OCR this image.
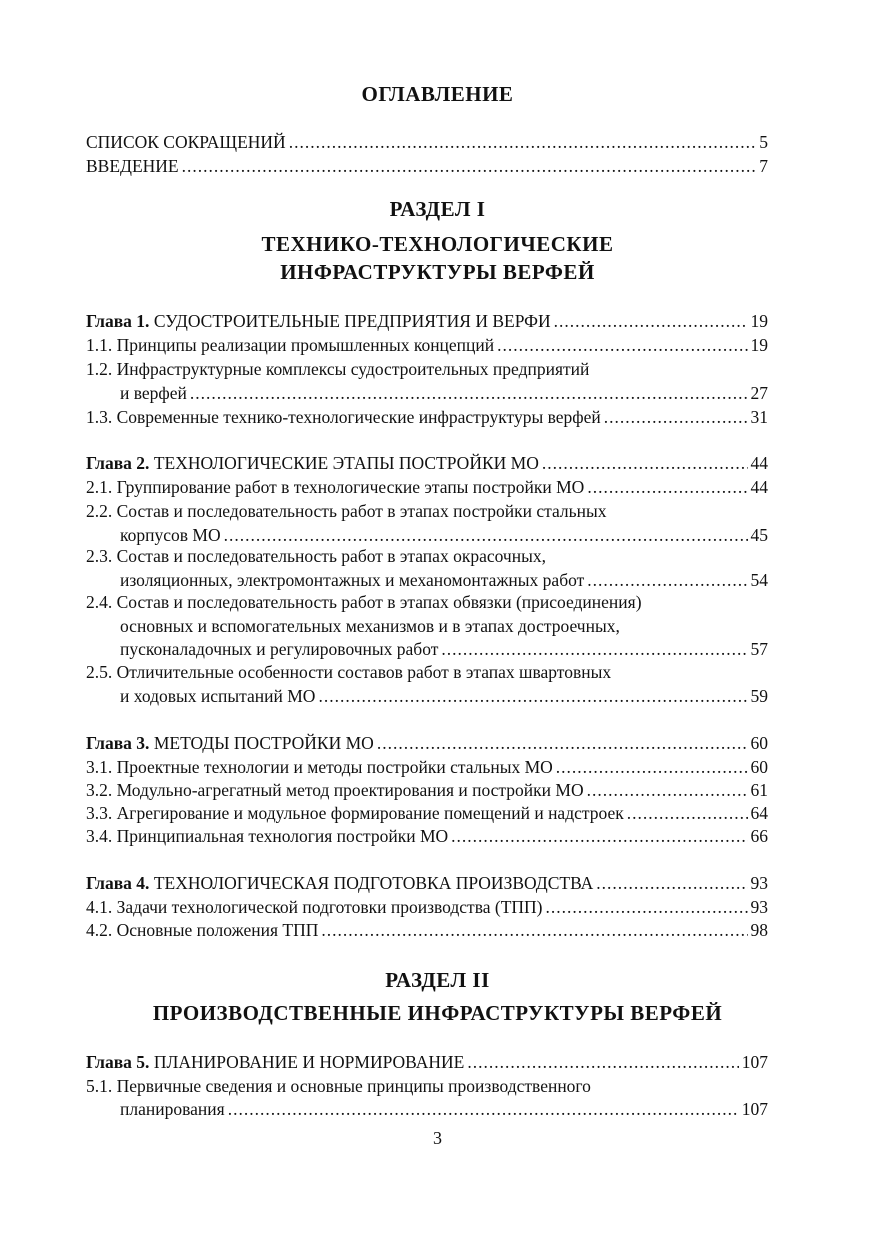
ОГЛАВЛЕНИЕ
СПИСОК СОКРАЩЕНИЙ .....	5
ВВЕДЕНИЕ .....	7
РАЗДЕЛ I
ТЕХНИКО-ТЕХНОЛОГИЧЕСКИЕ
ИНФРАСТРУКТУРЫ ВЕРФЕЙ
Глава 1. СУДОСТРОИТЕЛЬНЫЕ ПРЕДПРИЯТИЯ И ВЕРФИ .....	19
1.1. Принципы реализации промышленных концепций .....	19
1.2. Инфраструктурные комплексы судостроительных предприятий
и верфей .....	27
1.3. Современные технико-технологические инфраструктуры верфей .....	31
Глава 2. ТЕХНОЛОГИЧЕСКИЕ ЭТАПЫ ПОСТРОЙКИ МО .....	44
2.1. Группирование работ в технологические этапы постройки МО .....	44
2.2. Состав и последовательность работ в этапах постройки стальных
корпусов МО .....	45
2.3. Состав и последовательность работ в этапах окрасочных,
изоляционных, электромонтажных и механомонтажных работ .....	54
2.4. Состав и последовательность работ в этапах обвязки (присоединения)
основных и вспомогательных механизмов и в этапах достроечных,
пусконаладочных и регулировочных работ .....	57
2.5. Отличительные особенности составов работ в этапах швартовных
и ходовых испытаний МО .....	59
Глава 3. МЕТОДЫ ПОСТРОЙКИ МО .....	60
3.1. Проектные технологии и методы постройки стальных МО .....	60
3.2. Модульно-агрегатный метод проектирования и постройки МО .....	61
3.3. Агрегирование и модульное формирование помещений и надстроек .....	64
3.4. Принципиальная технология постройки МО .....	66
Глава 4. ТЕХНОЛОГИЧЕСКАЯ ПОДГОТОВКА ПРОИЗВОДСТВА .....	93
4.1. Задачи технологической подготовки производства (ТПП) .....	93
4.2. Основные положения ТПП .....	98
РАЗДЕЛ II
ПРОИЗВОДСТВЕННЫЕ ИНФРАСТРУКТУРЫ ВЕРФЕЙ
Глава 5. ПЛАНИРОВАНИЕ И НОРМИРОВАНИЕ .....	107
5.1. Первичные сведения и основные принципы производственного
планирования .....	107
3
